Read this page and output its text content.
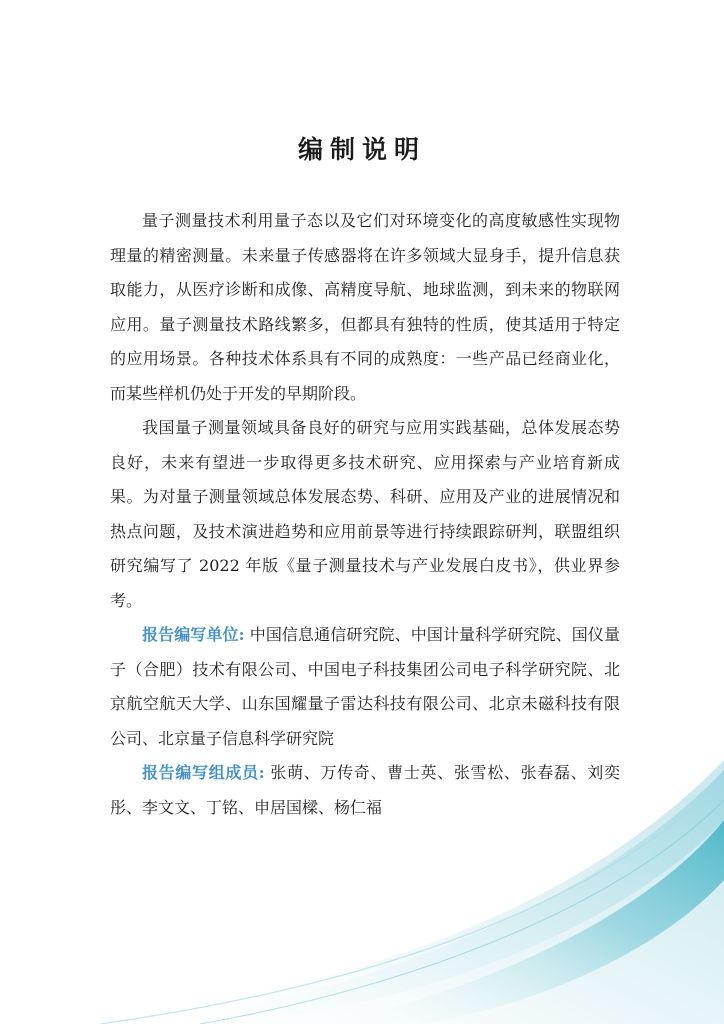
编制说明

量子测量技术利用量子态以及它们对环境变化的高度敏感性实现物理量的精密测量。未来量子传感器将在许多领域大显身手，提升信息获取能力，从医疗诊断和成像、高精度导航、地球监测，到未来的物联网应用。量子测量技术路线繁多，但都具有独特的性质，使其适用于特定的应用场景。各种技术体系具有不同的成熟度：一些产品已经商业化，而某些样机仍处于开发的早期阶段。

我国量子测量领域具备良好的研究与应用实践基础，总体发展态势良好，未来有望进一步取得更多技术研究、应用探索与产业培育新成果。为对量子测量领域总体发展态势、科研、应用及产业的进展情况和热点问题，及技术演进趋势和应用前景等进行持续跟踪研判，联盟组织研究编写了 2022 年版《量子测量技术与产业发展白皮书》，供业界参考。

报告编写单位: 中国信息通信研究院、中国计量科学研究院、国仪量子（合肥）技术有限公司、中国电子科技集团公司电子科学研究院、北京航空航天大学、山东国耀量子雷达科技有限公司、北京未磁科技有限公司、北京量子信息科学研究院

报告编写组成员: 张萌、万传奇、曹士英、张雪松、张春磊、刘奕彤、李文文、丁铭、申居国樑、杨仁福
